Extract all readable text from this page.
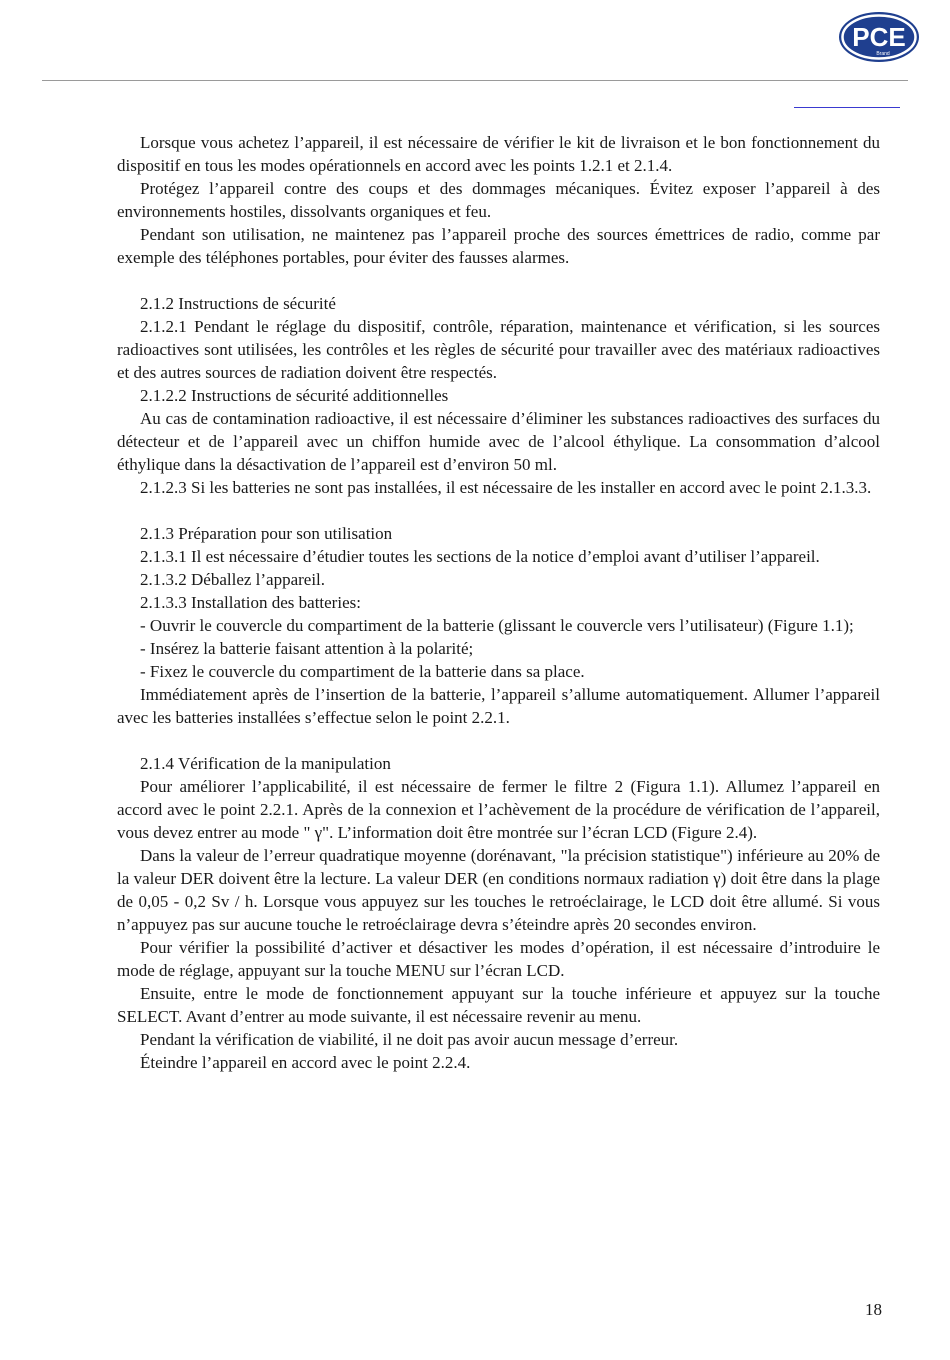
PCE
Brand

Lorsque vous achetez l’appareil, il est nécessaire de vérifier le kit de livraison et le bon fonctionnement du dispositif en tous les modes opérationnels en accord avec les points 1.2.1 et 2.1.4.

Protégez l’appareil contre des coups et des dommages mécaniques. Évitez exposer l’appareil à des environnements hostiles, dissolvants organiques et feu.

Pendant son utilisation, ne maintenez pas l’appareil proche des sources émettrices de radio, comme par exemple des téléphones portables, pour éviter des fausses alarmes.

2.1.2 Instructions de sécurité

2.1.2.1 Pendant le réglage du dispositif, contrôle, réparation, maintenance et vérification, si les sources radioactives sont utilisées, les contrôles et les règles de sécurité pour travailler avec des matériaux radioactives et des autres sources de radiation doivent être respectés.

2.1.2.2 Instructions de sécurité additionnelles

Au cas de contamination radioactive, il est nécessaire d’éliminer les substances radioactives des surfaces du détecteur et de l’appareil avec un chiffon humide avec de l’alcool éthylique. La consommation d’alcool éthylique dans la désactivation de l’appareil est d’environ 50 ml.

2.1.2.3 Si les batteries ne sont pas installées, il est nécessaire de les installer en accord avec le point 2.1.3.3.

2.1.3 Préparation pour son utilisation

2.1.3.1 Il est nécessaire d’étudier toutes les sections de la notice d’emploi avant d’utiliser l’appareil.

2.1.3.2 Déballez l’appareil.

2.1.3.3 Installation des batteries:

- Ouvrir le couvercle du compartiment de la batterie (glissant le couvercle vers l’utilisateur) (Figure 1.1);

- Insérez la batterie faisant attention à la polarité;

- Fixez le couvercle du compartiment de la batterie dans sa place.

Immédiatement après de l’insertion de la batterie, l’appareil s’allume automatiquement. Allumer l’appareil avec les batteries installées s’effectue selon le point 2.2.1.

2.1.4 Vérification de la manipulation

Pour améliorer l’applicabilité, il est nécessaire de fermer le filtre 2 (Figura 1.1). Allumez l’appareil en accord avec le point 2.2.1. Après de la connexion et l’achèvement de la procédure de vérification de l’appareil, vous devez entrer au mode " γ". L’information doit être montrée sur l’écran LCD (Figure 2.4).

Dans la valeur de l’erreur quadratique moyenne (dorénavant, "la précision statistique") inférieure au 20% de la valeur DER doivent être la lecture. La valeur DER (en conditions normaux radiation γ) doit être dans la plage de 0,05 - 0,2 Sv / h. Lorsque vous appuyez sur les touches le retroéclairage, le LCD doit être allumé. Si vous n’appuyez pas sur aucune touche le retroéclairage devra s’éteindre après 20 secondes environ.

Pour vérifier la possibilité d’activer et désactiver les modes d’opération, il est nécessaire d’introduire le mode de réglage, appuyant sur la touche MENU sur l’écran LCD.

Ensuite, entre le mode de fonctionnement appuyant sur la touche inférieure et appuyez sur la touche SELECT. Avant d’entrer au mode suivante, il est nécessaire revenir au menu.

Pendant la vérification de viabilité, il ne doit pas avoir aucun message d’erreur.

Éteindre l’appareil en accord avec le point 2.2.4.

18
